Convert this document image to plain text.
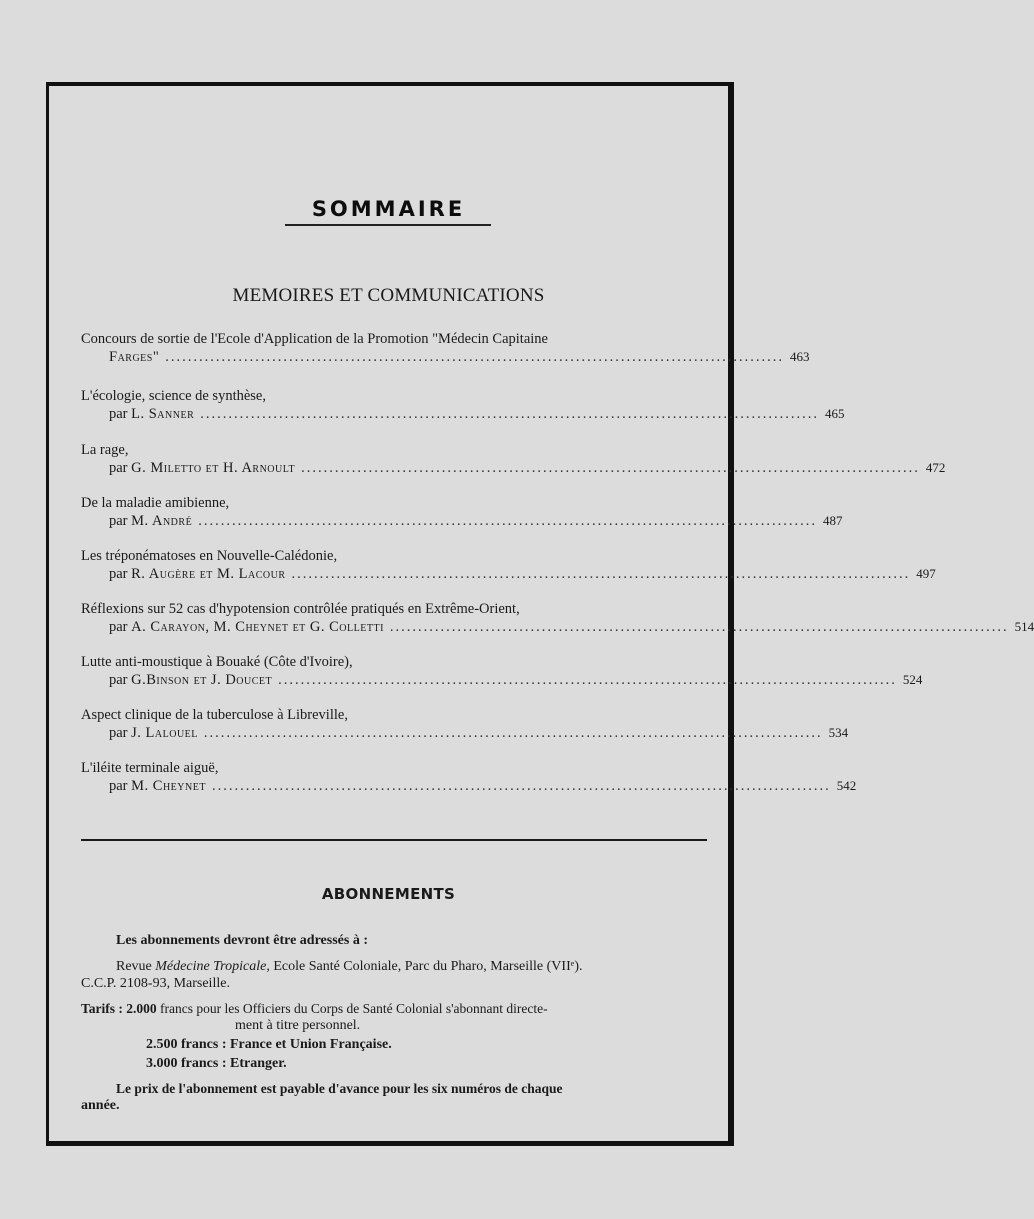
SOMMAIRE
MEMOIRES ET COMMUNICATIONS
Concours de sortie de l'Ecole d'Application de la Promotion "Médecin Capitaine
Farges" .............................................................................................................. 463
L'écologie, science de synthèse,
par
L. Sanner .............................................................................................................. 465
La rage,
par
G. Miletto et H. Arnoult .............................................................................................................. 472
De la maladie amibienne,
par
M. André .............................................................................................................. 487
Les tréponématoses en Nouvelle-Calédonie,
par
R. Augère et M. Lacour .............................................................................................................. 497
Réflexions sur 52 cas d'hypotension contrôlée pratiqués en Extrême-Orient,
par
A. Carayon, M. Cheynet et G. Colletti .............................................................................................................. 514
Lutte anti-moustique à Bouaké (Côte d'Ivoire),
par
G.Binson et J. Doucet .............................................................................................................. 524
Aspect clinique de la tuberculose à Libreville,
par
J. Lalouel .............................................................................................................. 534
L'iléite terminale aiguë,
par
M. Cheynet .............................................................................................................. 542
ABONNEMENTS
Les abonnements devront être adressés à :
Revue Médecine Tropicale, Ecole Santé Coloniale, Parc du Pharo, Marseille (VIIᵉ).
C.C.P. 2108-93, Marseille.
Tarifs : 2.000 francs pour les Officiers du Corps de Santé Colonial s'abonnant directe-
ment à titre personnel.
2.500 francs : France et Union Française.
3.000 francs : Etranger.
Le prix de l'abonnement est payable d'avance pour les six numéros de chaque
année.
